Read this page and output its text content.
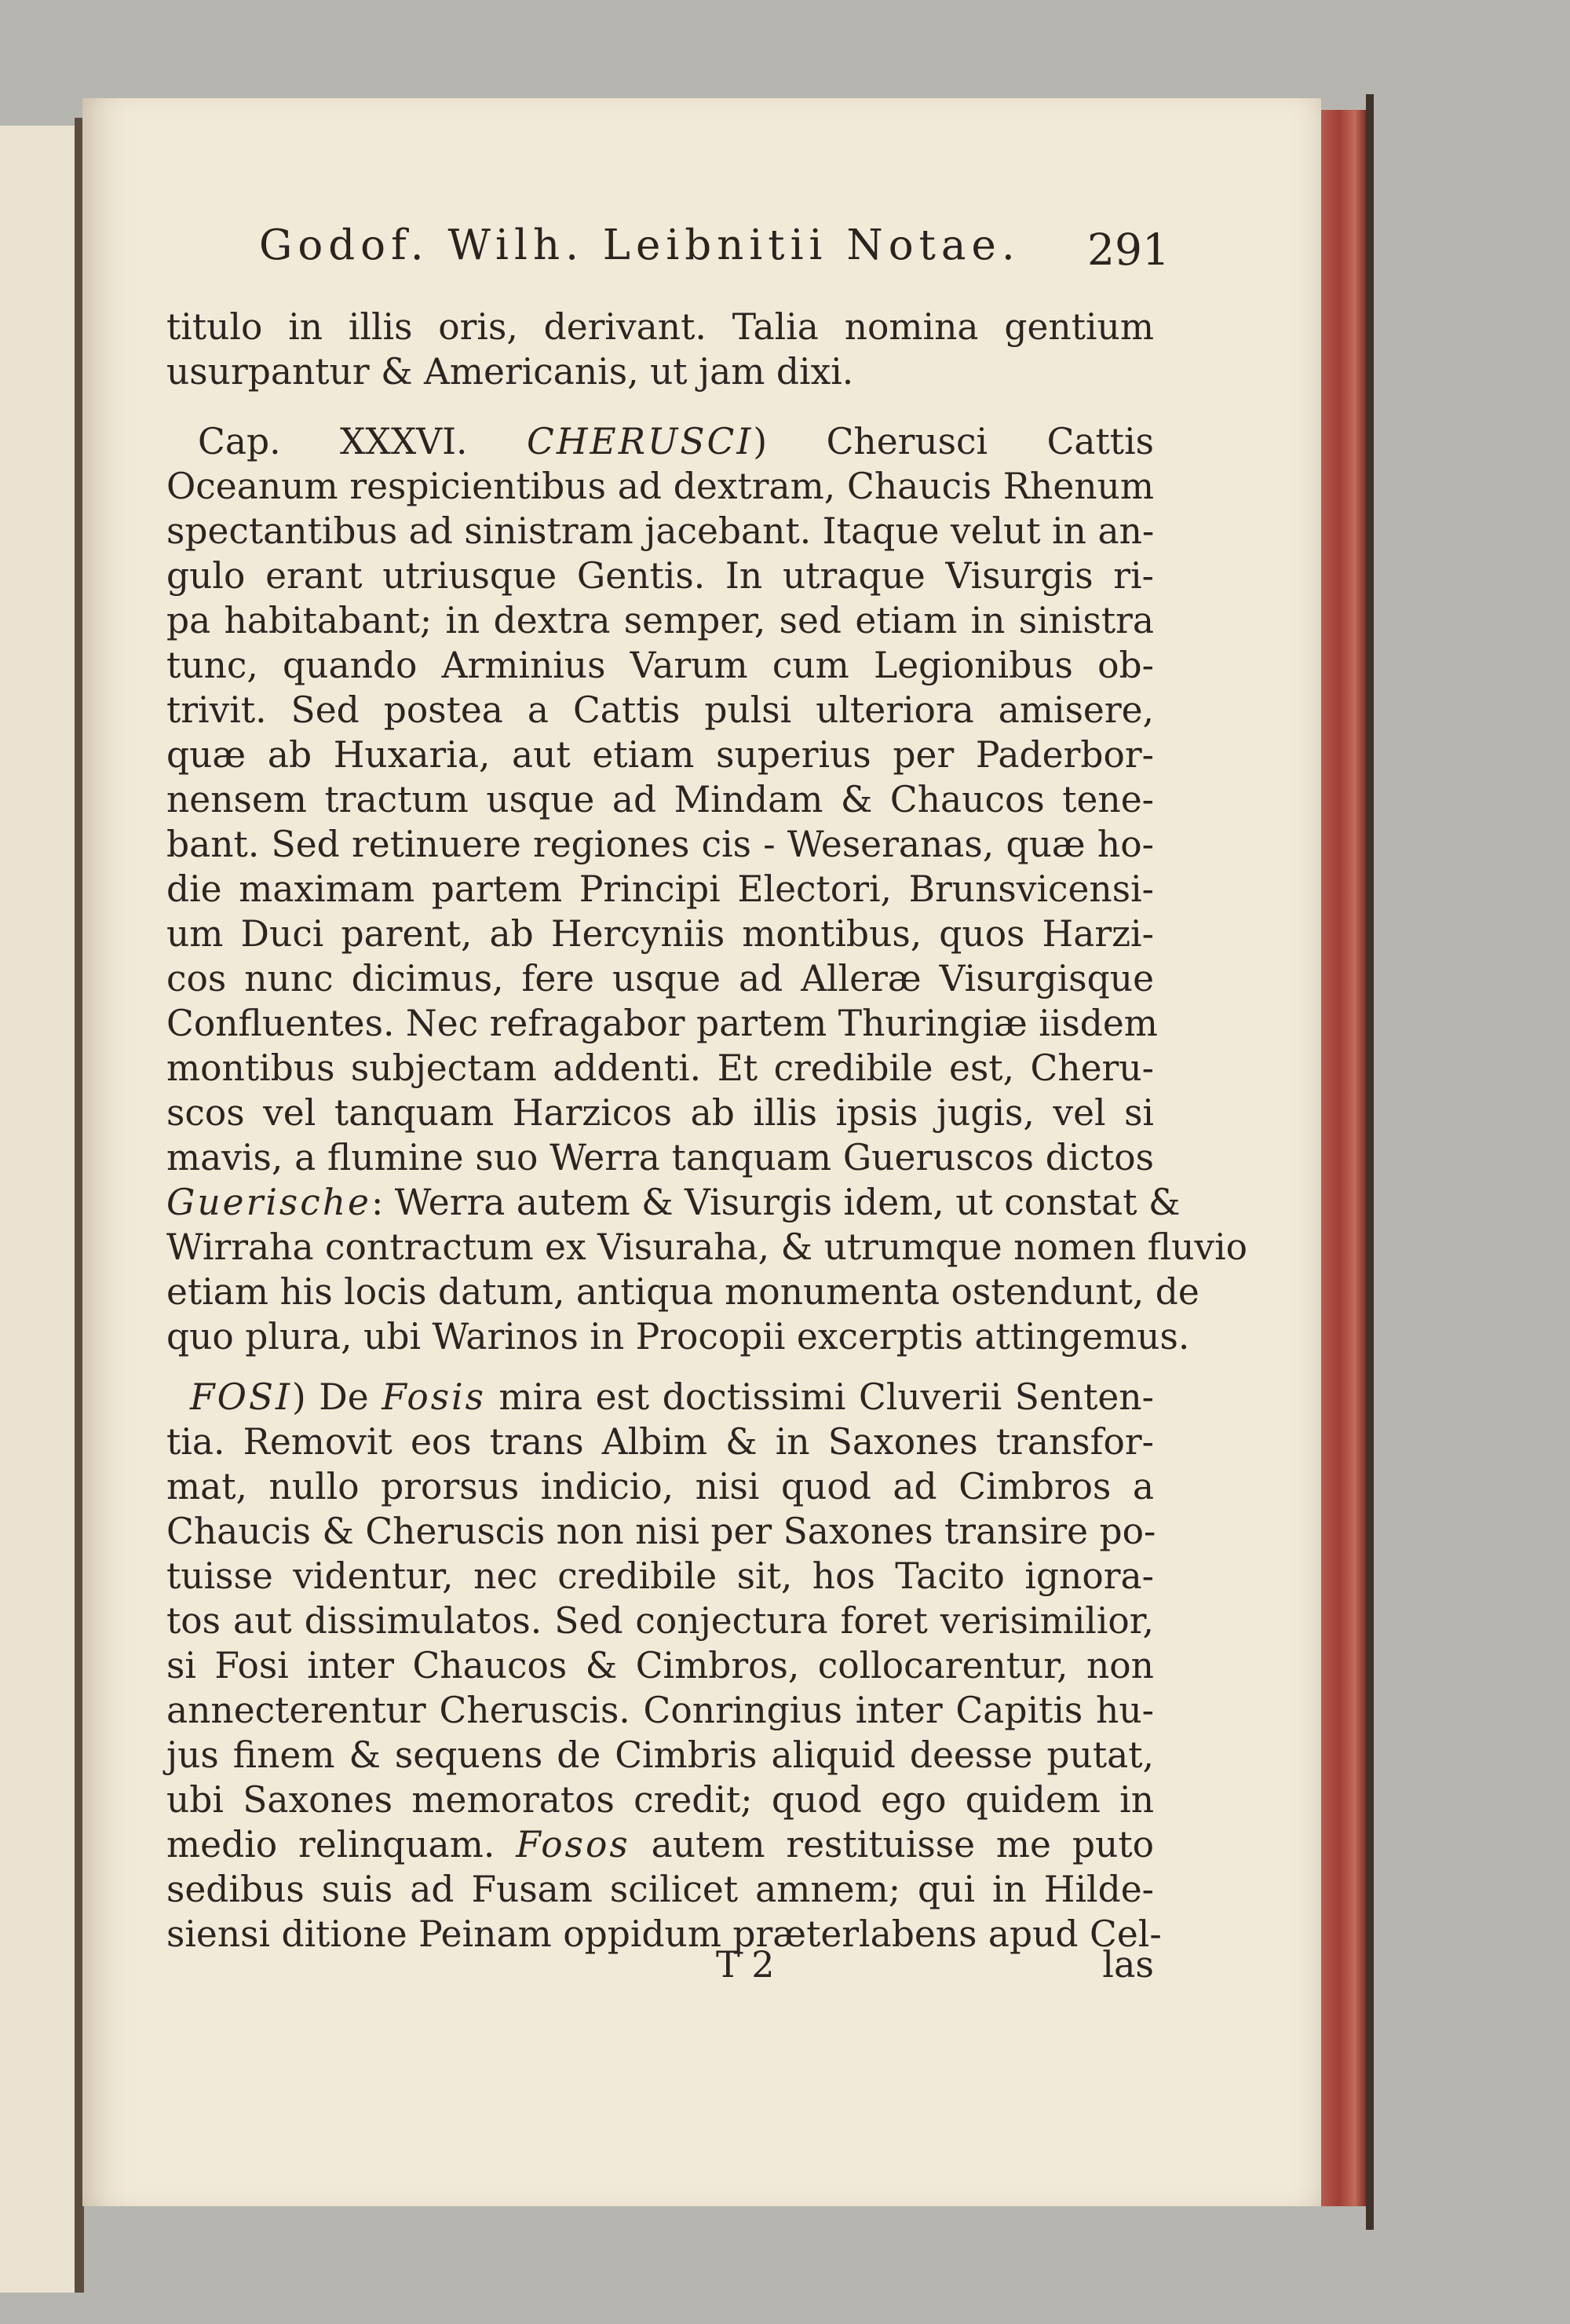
Godof. Wilh. Leibnitii Notae.	291
titulo in illis oris, derivant. Talia nomina gentium
usurpantur & Americanis, ut jam dixi.
Cap. XXXVI. CHERUSCI) Cherusci Cattis
Oceanum respicientibus ad dextram, Chaucis Rhenum
spectantibus ad sinistram jacebant. Itaque velut in an-
gulo erant utriusque Gentis. In utraque Visurgis ri-
pa habitabant; in dextra semper, sed etiam in sinistra
tunc, quando Arminius Varum cum Legionibus ob-
trivit. Sed postea a Cattis pulsi ulteriora amisere,
quæ ab Huxaria, aut etiam superius per Paderbor-
nensem tractum usque ad Mindam & Chaucos tene-
bant. Sed retinuere regiones cis - Weseranas, quæ ho-
die maximam partem Principi Electori, Brunsvicensi-
um Duci parent, ab Hercyniis montibus, quos Harzi-
cos nunc dicimus, fere usque ad Alleræ Visurgisque
Confluentes. Nec refragabor partem Thuringiæ iisdem
montibus subjectam addenti. Et credibile est, Cheru-
scos vel tanquam Harzicos ab illis ipsis jugis, vel si
mavis, a flumine suo Werra tanquam Gueruscos dictos
Guerische: Werra autem & Visurgis idem, ut constat &
Wirraha contractum ex Visuraha, & utrumque nomen fluvio
etiam his locis datum, antiqua monumenta ostendunt, de
quo plura, ubi Warinos in Procopii excerptis attingemus.
FOSI) De Fosis mira est doctissimi Cluverii Senten-
tia. Removit eos trans Albim & in Saxones transfor-
mat, nullo prorsus indicio, nisi quod ad Cimbros a
Chaucis & Cheruscis non nisi per Saxones transire po-
tuisse videntur, nec credibile sit, hos Tacito ignora-
tos aut dissimulatos. Sed conjectura foret verisimilior,
si Fosi inter Chaucos & Cimbros, collocarentur, non
annecterentur Cheruscis. Conringius inter Capitis hu-
jus finem & sequens de Cimbris aliquid deesse putat,
ubi Saxones memoratos credit; quod ego quidem in
medio relinquam. Fosos autem restituisse me puto
sedibus suis ad Fusam scilicet amnem; qui in Hilde-
siensi ditione Peinam oppidum præterlabens apud Cel-
T 2	las
